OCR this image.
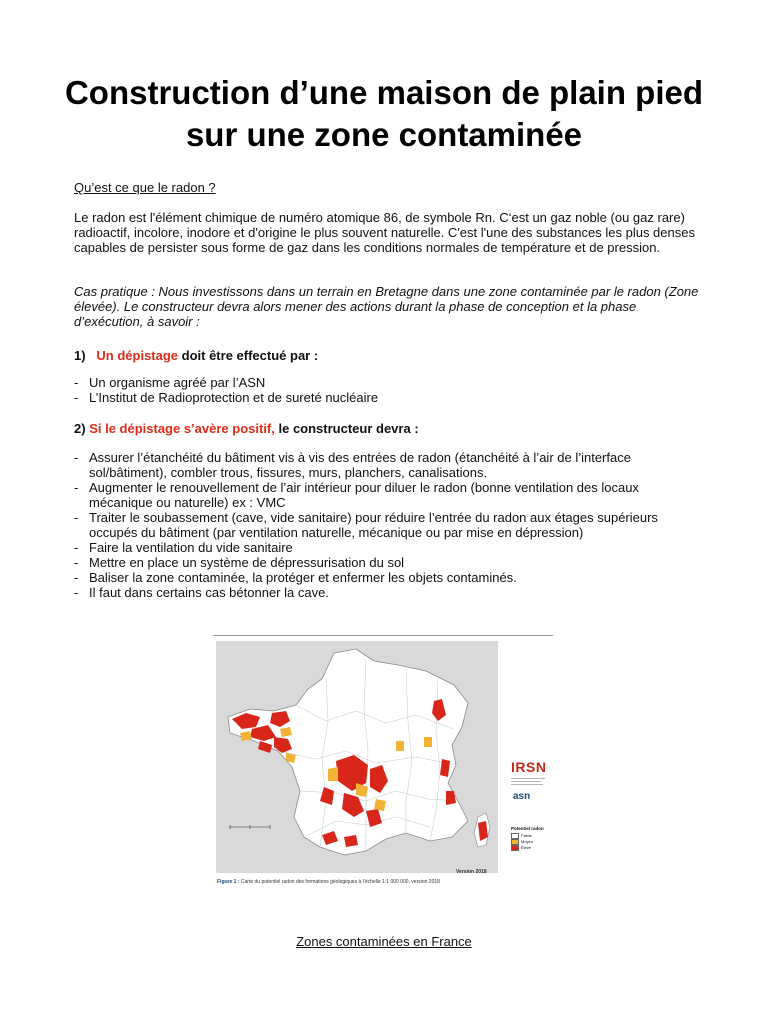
Construction d’une maison de plain pied sur une zone contaminée

Qu’est ce que le radon ?

Le radon est l'élément chimique de numéro atomique 86, de symbole Rn. C‘est un gaz noble (ou gaz rare) radioactif, incolore, inodore et d'origine le plus souvent naturelle. C'est l'une des substances les plus denses capables de persister sous forme de gaz dans les conditions normales de température et de pression.

Cas pratique : Nous investissons dans un terrain en Bretagne dans une zone contaminée par le radon (Zone élevée). Le constructeur devra alors mener des actions durant la phase de conception et la phase d’exécution, à savoir :

1) Un dépistage doit être effectué par :

- Un organisme agréé par l’ASN
- L’Institut de Radioprotection et de sureté nucléaire

2) Si le dépistage s’avère positif, le constructeur devra :

- Assurer l’étanchéité du bâtiment vis à vis des entrées de radon (étanchéité à l’air de l’interface sol/bâtiment), combler trous, fissures, murs, planchers, canalisations.
- Augmenter le renouvellement de l’air intérieur pour diluer le radon (bonne ventilation des locaux mécanique ou naturelle) ex : VMC
- Traiter le soubassement (cave, vide sanitaire) pour réduire l’entrée du radon aux étages supérieurs occupés du bâtiment (par ventilation naturelle, mécanique ou par mise en dépression)
- Faire la ventilation du vide sanitaire
- Mettre en place un système de dépressurisation du sol
- Baliser la zone contaminée, la protéger et enfermer les objets contaminés.
- Il faut dans certains cas bétonner la cave.
Version 2018
IRSN
asn
Potentiel radon
Faible
Moyen
Élevé
Figure 1 : Carte du potentiel radon des formations géologiques à l’échelle 1:1 000 000, version 2018
Zones contaminées en France
